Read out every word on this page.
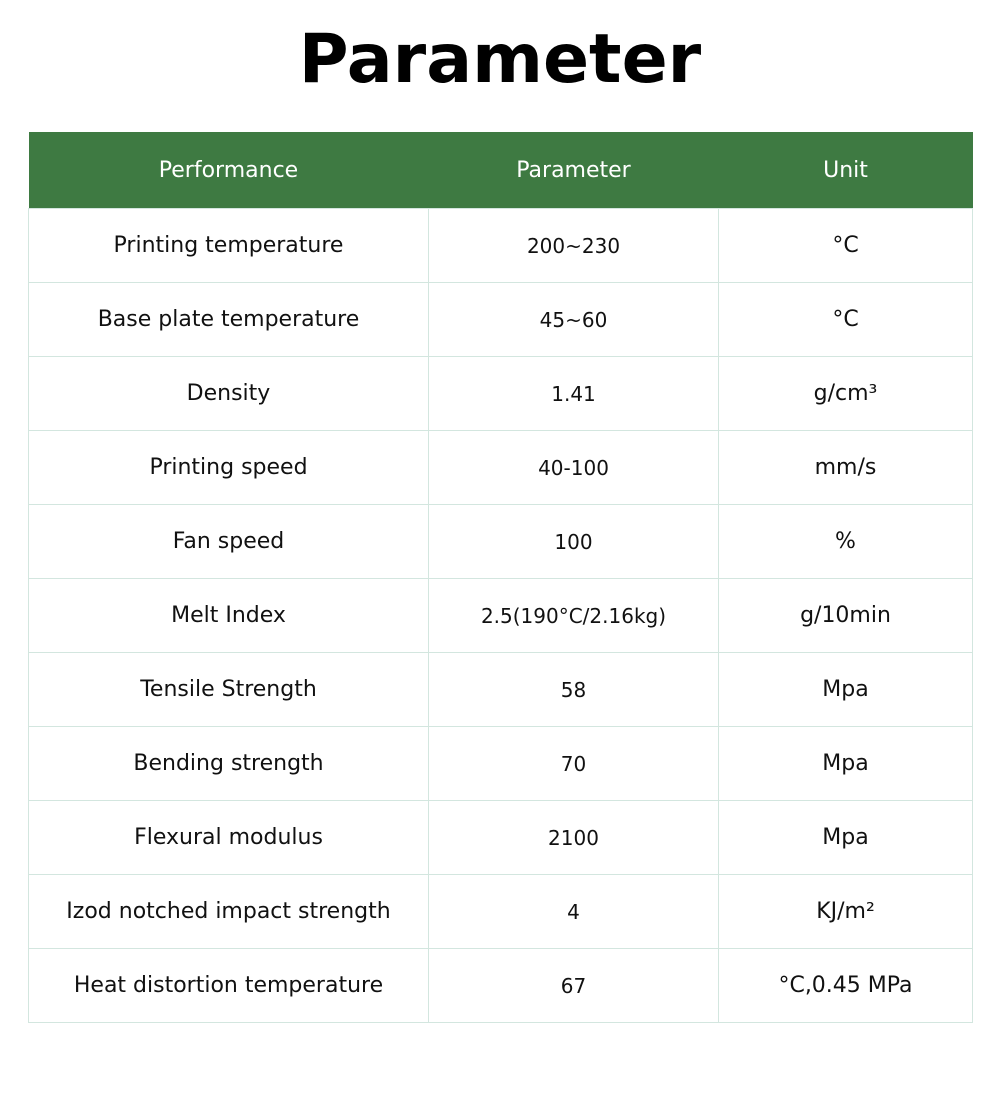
Parameter
Performance	Parameter	Unit
Printing temperature	200~230	°C
Base plate temperature	45~60	°C
Density	1.41	g/cm³
Printing speed	40-100	mm/s
Fan speed	100	%
Melt Index	2.5(190°C/2.16kg)	g/10min
Tensile Strength	58	Mpa
Bending strength	70	Mpa
Flexural modulus	2100	Mpa
Izod notched impact strength	4	KJ/m²
Heat distortion temperature	67	°C,0.45 MPa
